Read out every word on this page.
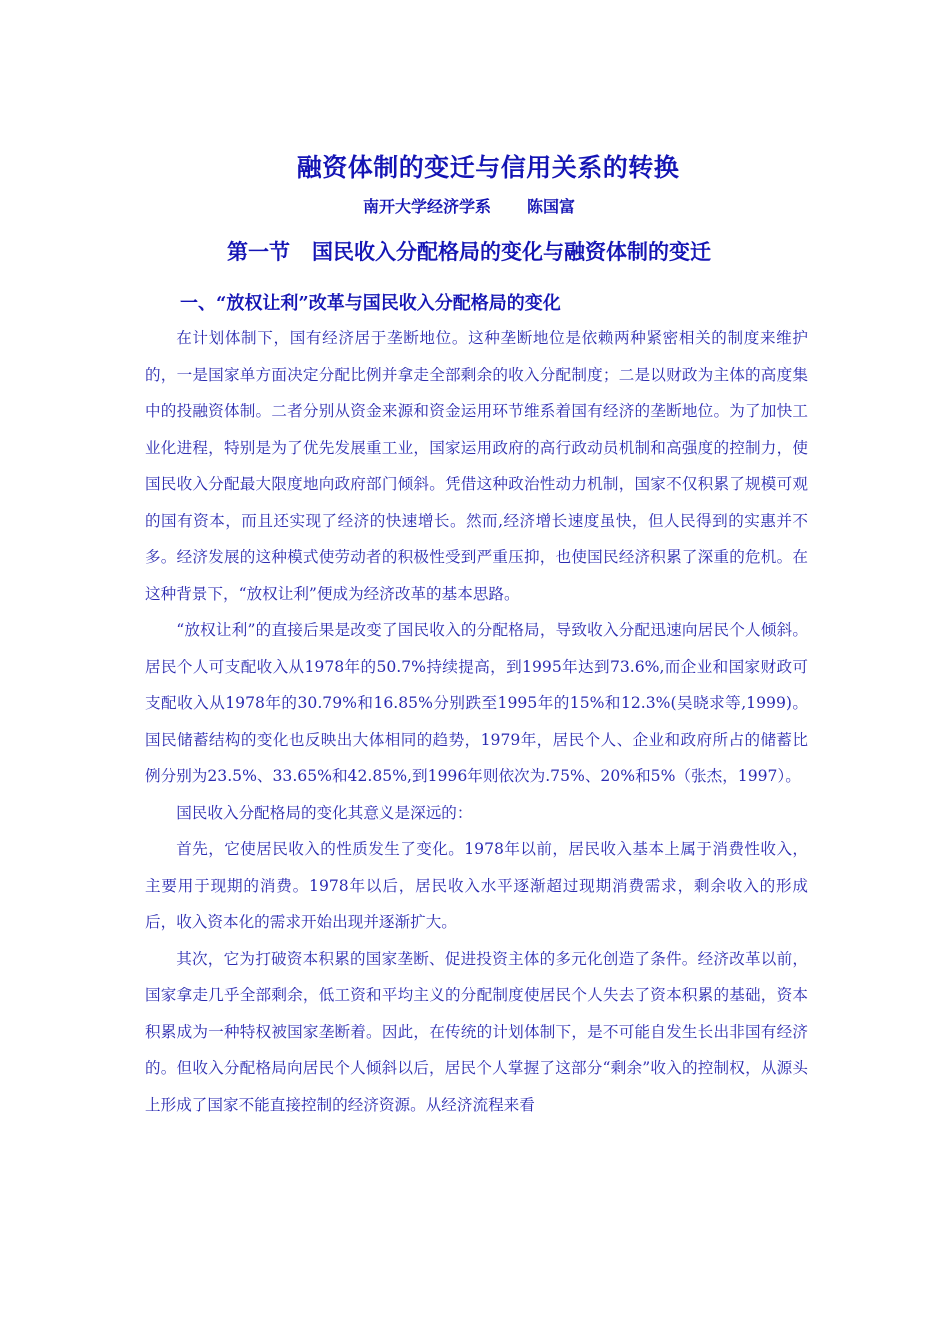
融资体制的变迁与信用关系的转换
南开大学经济学系 陈国富
第一节 国民收入分配格局的变化与融资体制的变迁
一、“放权让利”改革与国民收入分配格局的变化

在计划体制下，国有经济居于垄断地位。这种垄断地位是依赖两种紧密相关的制度来维护的，一是国家单方面决定分配比例并拿走全部剩余的收入分配制度；二是以财政为主体的高度集中的投融资体制。二者分别从资金来源和资金运用环节维系着国有经济的垄断地位。为了加快工业化进程，特别是为了优先发展重工业，国家运用政府的高行政动员机制和高强度的控制力，使国民收入分配最大限度地向政府部门倾斜。凭借这种政治性动力机制，国家不仅积累了规模可观的国有资本，而且还实现了经济的快速增长。然而,经济增长速度虽快，但人民得到的实惠并不多。经济发展的这种模式使劳动者的积极性受到严重压抑，也使国民经济积累了深重的危机。在这种背景下，“放权让利”便成为经济改革的基本思路。

“放权让利”的直接后果是改变了国民收入的分配格局，导致收入分配迅速向居民个人倾斜。居民个人可支配收入从1978年的50.7%持续提高，到1995年达到73.6%,而企业和国家财政可支配收入从1978年的30.79%和16.85%分别跌至1995年的15%和12.3%(吴晓求等,1999)。国民储蓄结构的变化也反映出大体相同的趋势，1979年，居民个人、企业和政府所占的储蓄比例分别为23.5%、33.65%和42.85%,到1996年则依次为.75%、20%和5%（张杰，1997）。

国民收入分配格局的变化其意义是深远的：

首先，它使居民收入的性质发生了变化。1978年以前，居民收入基本上属于消费性收入，主要用于现期的消费。1978年以后，居民收入水平逐渐超过现期消费需求，剩余收入的形成后，收入资本化的需求开始出现并逐渐扩大。

其次，它为打破资本积累的国家垄断、促进投资主体的多元化创造了条件。经济改革以前，国家拿走几乎全部剩余，低工资和平均主义的分配制度使居民个人失去了资本积累的基础，资本积累成为一种特权被国家垄断着。因此，在传统的计划体制下，是不可能自发生长出非国有经济的。但收入分配格局向居民个人倾斜以后，居民个人掌握了这部分“剩余”收入的控制权，从源头上形成了国家不能直接控制的经济资源。从经济流程来看
